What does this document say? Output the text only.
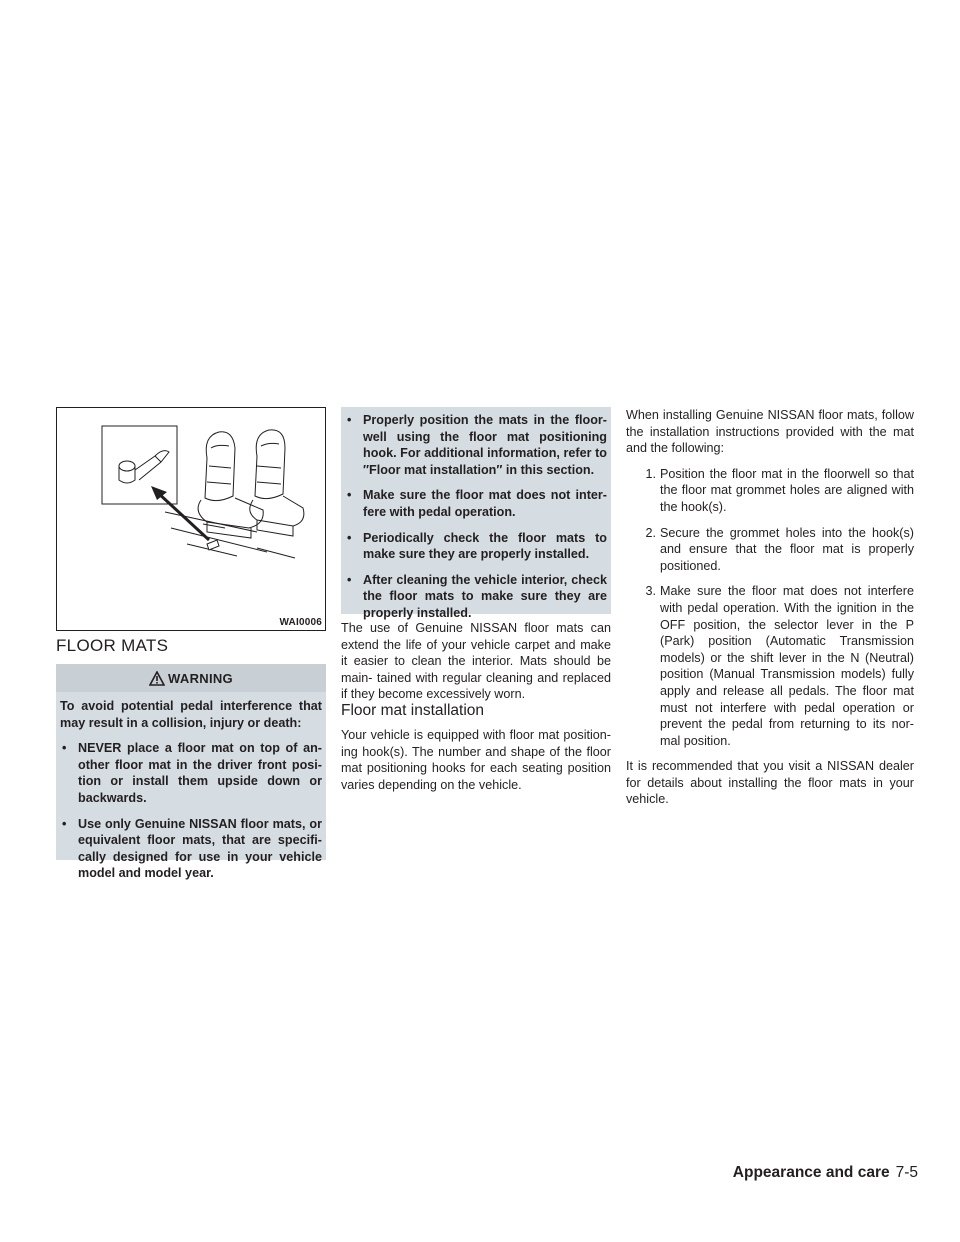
WAI0006
FLOOR MATS
WARNING

To avoid potential pedal interference that may result in a collision, injury or death:

• NEVER place a floor mat on top of an- other floor mat in the driver front posi- tion or install them upside down or backwards.
• Use only Genuine NISSAN floor mats, or equivalent floor mats, that are specifi- cally designed for use in your vehicle model and model year.
• Properly position the mats in the floor- well using the floor mat positioning hook. For additional information, refer to ″Floor mat installation″ in this section.
• Make sure the floor mat does not inter- fere with pedal operation.
• Periodically check the floor mats to make sure they are properly installed.
• After cleaning the vehicle interior, check the floor mats to make sure they are properly installed.

The use of Genuine NISSAN floor mats can extend the life of your vehicle carpet and make it easier to clean the interior. Mats should be main- tained with regular cleaning and replaced if they become excessively worn.

Floor mat installation

Your vehicle is equipped with floor mat position- ing hook(s). The number and shape of the floor mat positioning hooks for each seating position varies depending on the vehicle.

When installing Genuine NISSAN floor mats, follow the installation instructions provided with the mat and the following:

1. Position the floor mat in the floorwell so that the floor mat grommet holes are aligned with the hook(s).
2. Secure the grommet holes into the hook(s) and ensure that the floor mat is properly positioned.
3. Make sure the floor mat does not interfere with pedal operation. With the ignition in the OFF position, the selector lever in the P (Park) position (Automatic Transmission models) or the shift lever in the N (Neutral) position (Manual Transmission models) fully apply and release all pedals. The floor mat must not interfere with pedal operation or prevent the pedal from returning to its nor- mal position.

It is recommended that you visit a NISSAN dealer for details about installing the floor mats in your vehicle.

Appearance and care 7-5
